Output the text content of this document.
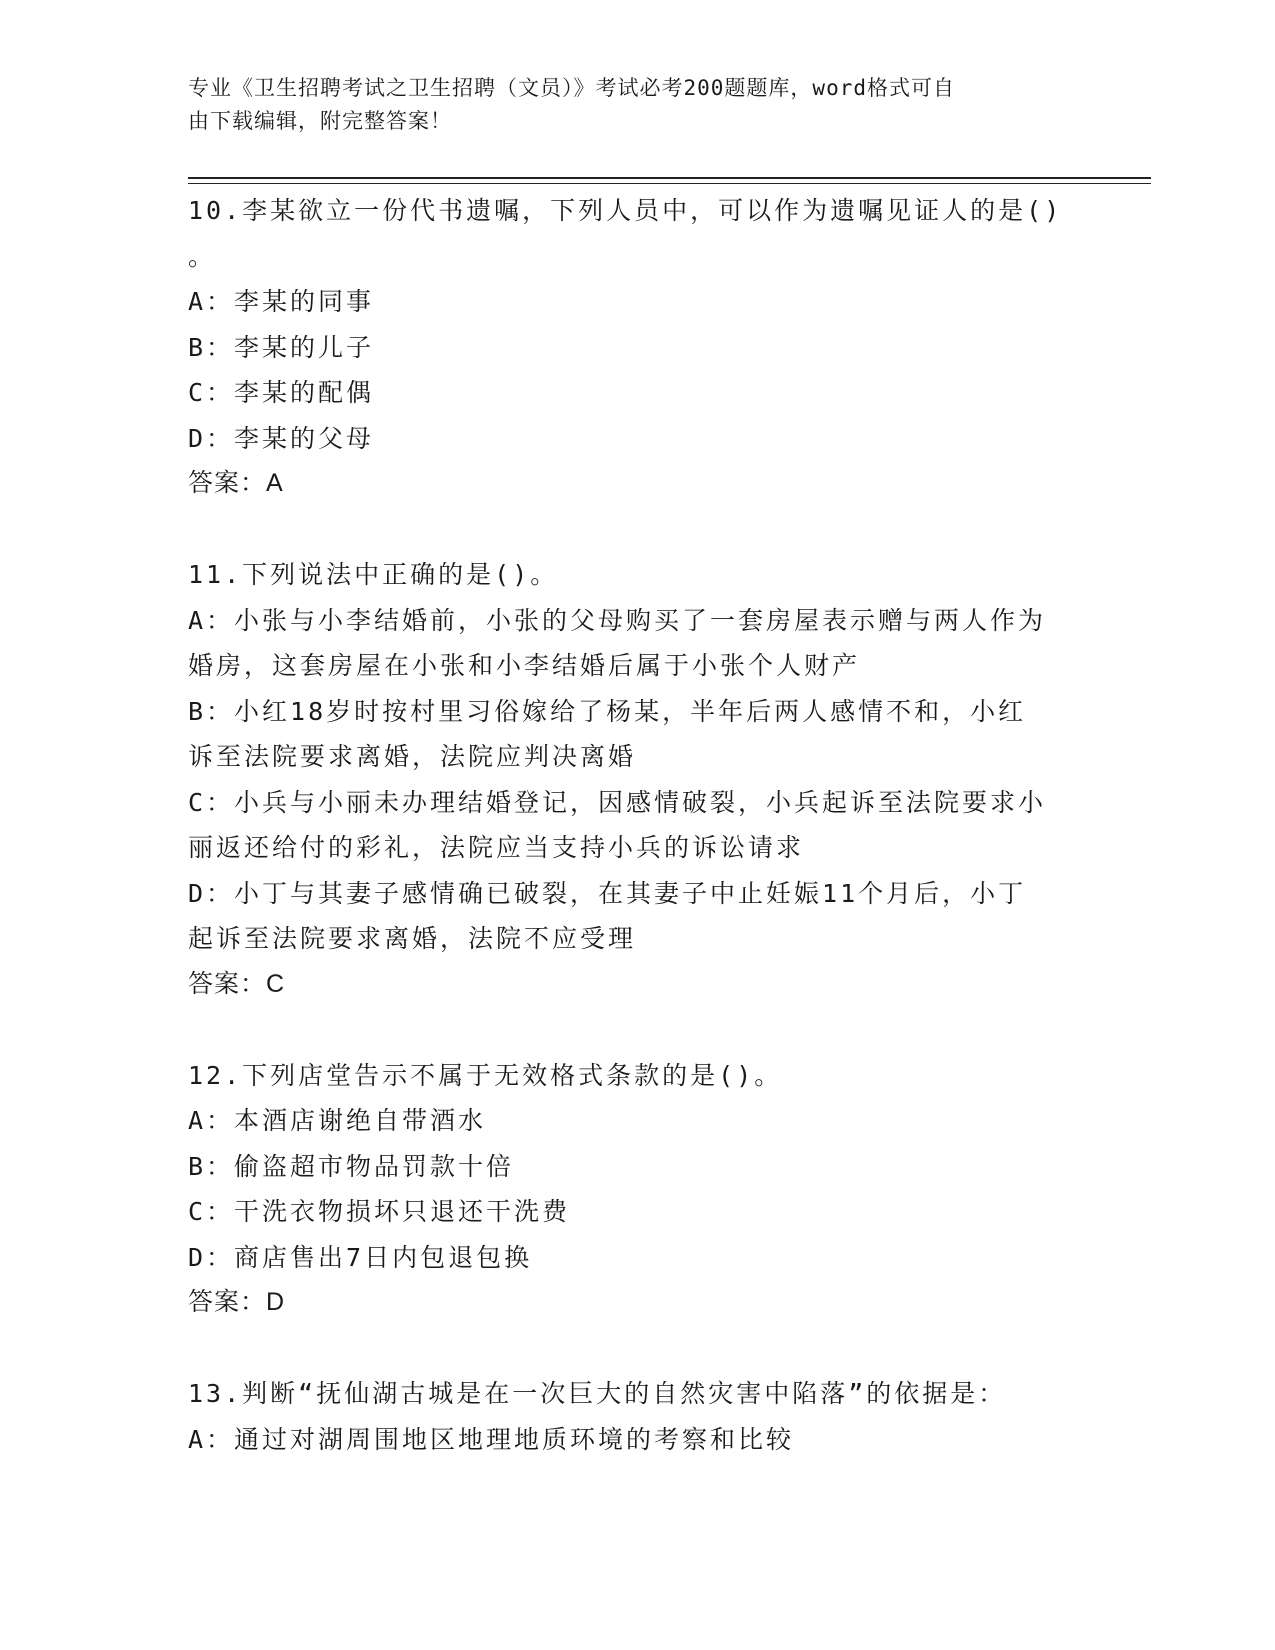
专业《卫生招聘考试之卫生招聘（文员）》考试必考200题题库，word格式可自
由下载编辑，附完整答案！
10.李某欲立一份代书遗嘱，下列人员中，可以作为遗嘱见证人的是()
。
A：李某的同事
B：李某的儿子
C：李某的配偶
D：李某的父母
答案：A
11.下列说法中正确的是()。
A：小张与小李结婚前，小张的父母购买了一套房屋表示赠与两人作为
婚房，这套房屋在小张和小李结婚后属于小张个人财产
B：小红18岁时按村里习俗嫁给了杨某，半年后两人感情不和，小红
诉至法院要求离婚，法院应判决离婚
C：小兵与小丽未办理结婚登记，因感情破裂，小兵起诉至法院要求小
丽返还给付的彩礼，法院应当支持小兵的诉讼请求
D：小丁与其妻子感情确已破裂，在其妻子中止妊娠11个月后，小丁
起诉至法院要求离婚，法院不应受理
答案：C
12.下列店堂告示不属于无效格式条款的是()。
A：本酒店谢绝自带酒水
B：偷盗超市物品罚款十倍
C：干洗衣物损坏只退还干洗费
D：商店售出7日内包退包换
答案：D
13.判断“抚仙湖古城是在一次巨大的自然灾害中陷落”的依据是：
A：通过对湖周围地区地理地质环境的考察和比较
